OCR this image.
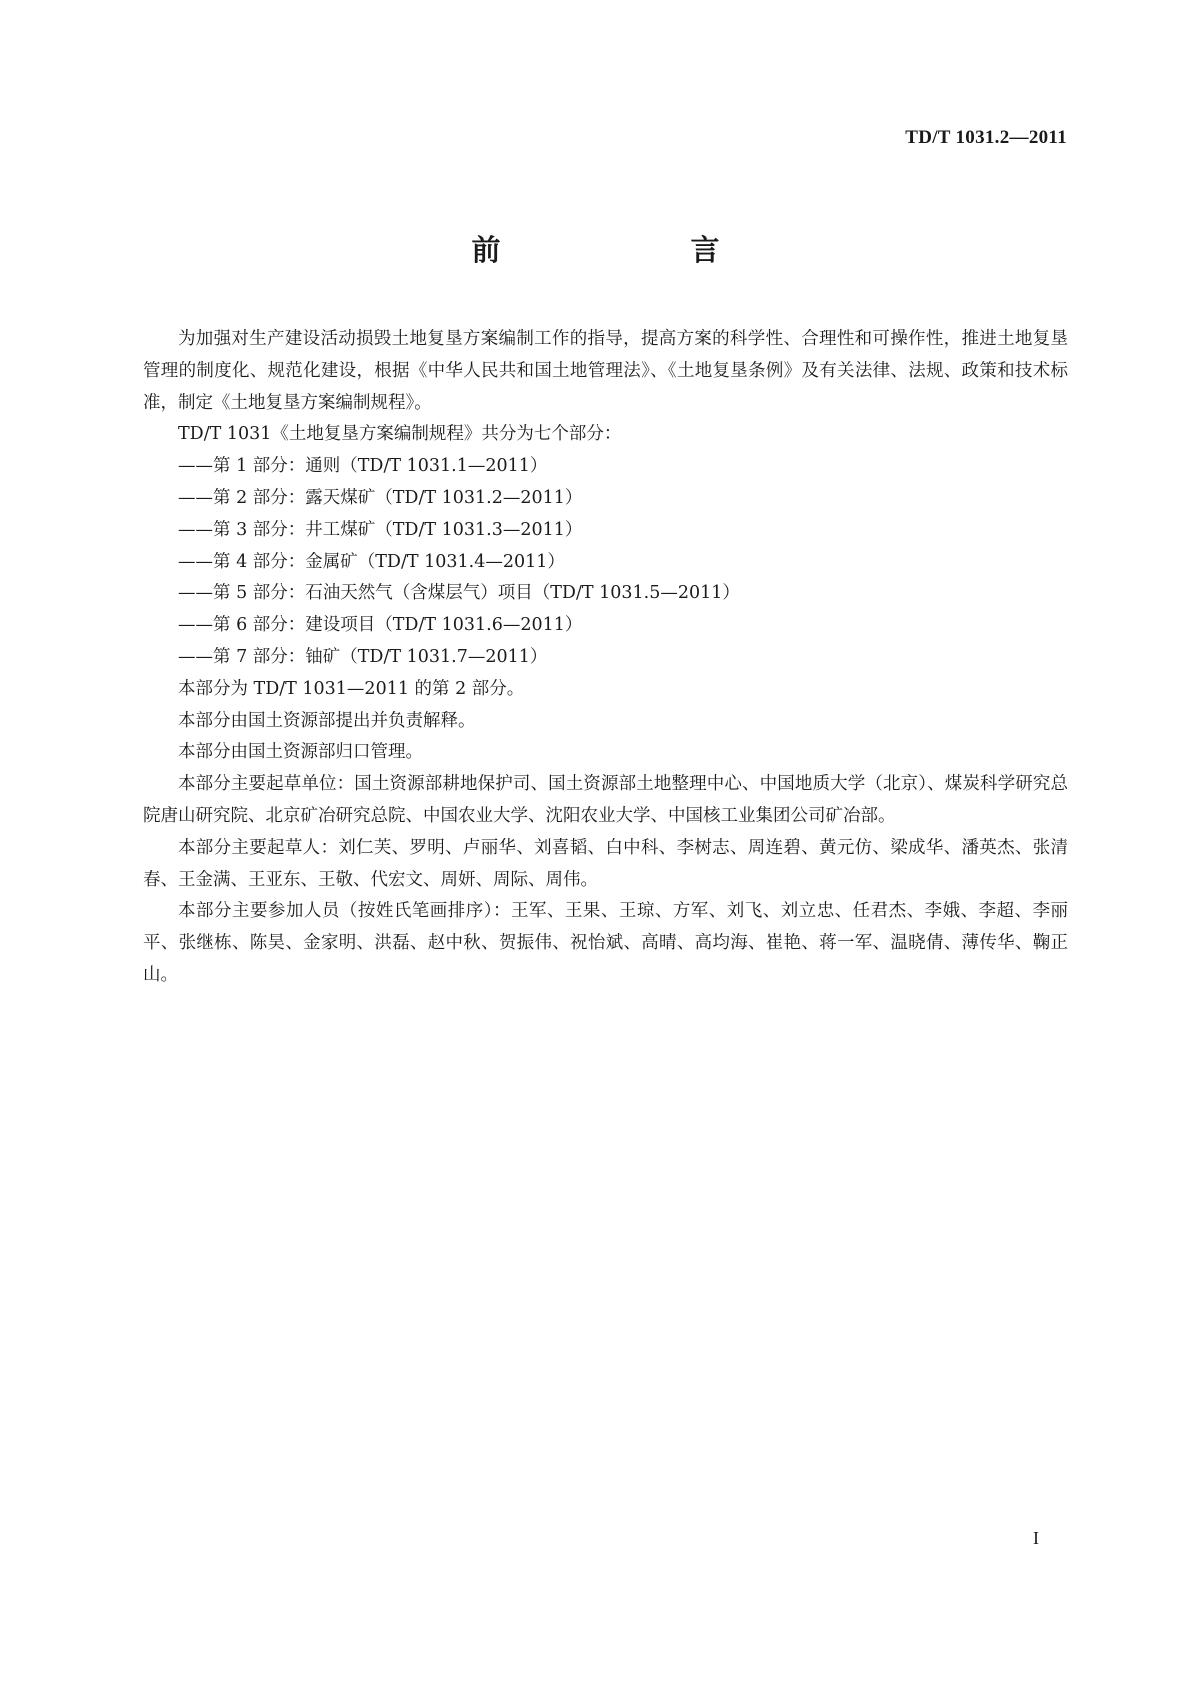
TD/T 1031.2—2011
前　　言

为加强对生产建设活动损毁土地复垦方案编制工作的指导，提高方案的科学性、合理性和可操作性，推进土地复垦管理的制度化、规范化建设，根据《中华人民共和国土地管理法》、《土地复垦条例》及有关法律、法规、政策和技术标准，制定《土地复垦方案编制规程》。

TD/T 1031《土地复垦方案编制规程》共分为七个部分：

——第 1 部分：通则（TD/T 1031.1—2011）

——第 2 部分：露天煤矿（TD/T 1031.2—2011）

——第 3 部分：井工煤矿（TD/T 1031.3—2011）

——第 4 部分：金属矿（TD/T 1031.4—2011）

——第 5 部分：石油天然气（含煤层气）项目（TD/T 1031.5—2011）

——第 6 部分：建设项目（TD/T 1031.6—2011）

——第 7 部分：铀矿（TD/T 1031.7—2011）

本部分为 TD/T 1031—2011 的第 2 部分。

本部分由国土资源部提出并负责解释。

本部分由国土资源部归口管理。

本部分主要起草单位：国土资源部耕地保护司、国土资源部土地整理中心、中国地质大学（北京）、煤炭科学研究总院唐山研究院、北京矿冶研究总院、中国农业大学、沈阳农业大学、中国核工业集团公司矿冶部。

本部分主要起草人：刘仁芙、罗明、卢丽华、刘喜韬、白中科、李树志、周连碧、黄元仿、梁成华、潘英杰、张清春、王金满、王亚东、王敬、代宏文、周妍、周际、周伟。

本部分主要参加人员（按姓氏笔画排序）：王军、王果、王琼、方军、刘飞、刘立忠、任君杰、李娥、李超、李丽平、张继栋、陈昊、金家明、洪磊、赵中秋、贺振伟、祝怡斌、高晴、高均海、崔艳、蒋一军、温晓倩、薄传华、鞠正山。

I
